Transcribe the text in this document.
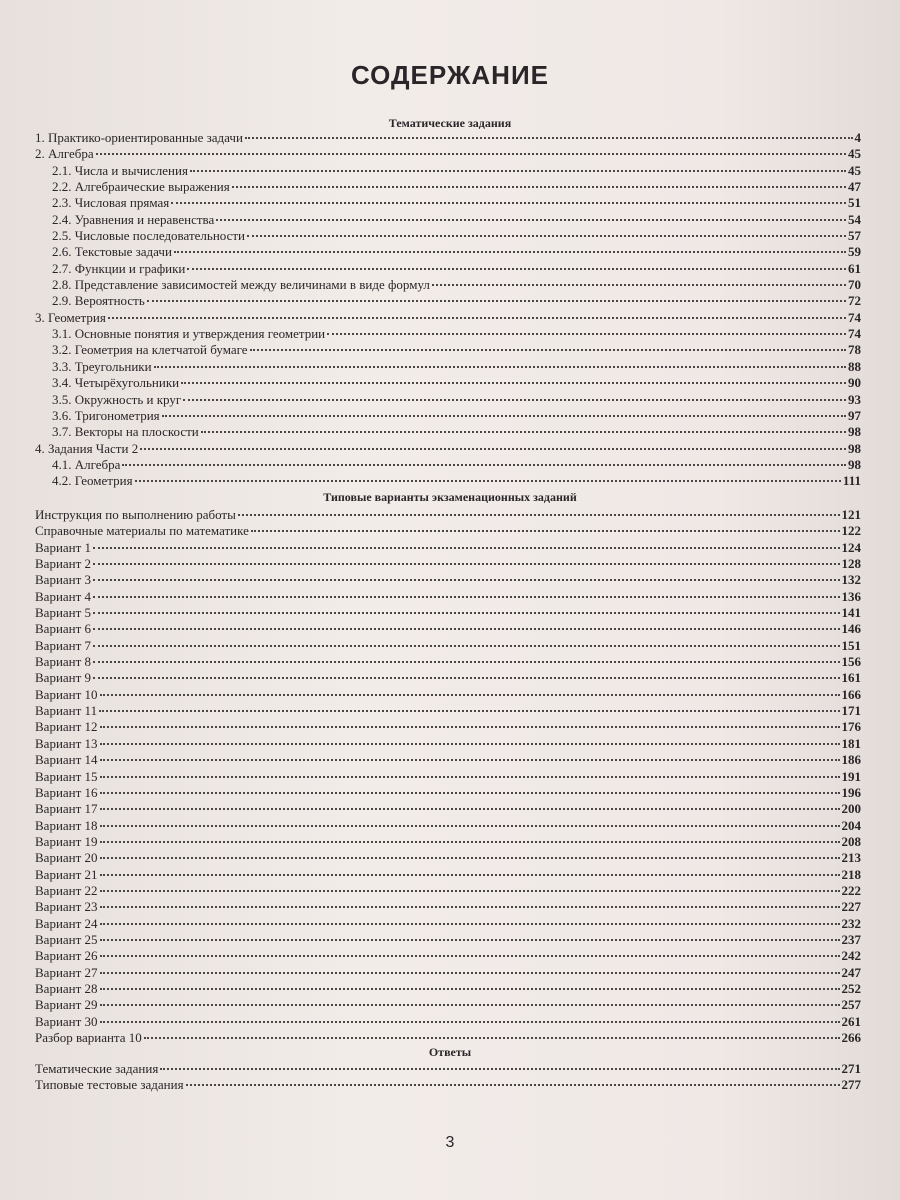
СОДЕРЖАНИЕ
Тематические задания
1. Практико-ориентированные задачи	4
2. Алгебра	45
2.1. Числа и вычисления	45
2.2. Алгебраические выражения	47
2.3. Числовая прямая	51
2.4. Уравнения и неравенства	54
2.5. Числовые последовательности	57
2.6. Текстовые задачи	59
2.7. Функции и графики	61
2.8. Представление зависимостей между величинами в виде формул	70
2.9. Вероятность	72
3. Геометрия	74
3.1. Основные понятия и утверждения геометрии	74
3.2. Геометрия на клетчатой бумаге	78
3.3. Треугольники	88
3.4. Четырёхугольники	90
3.5. Окружность и круг	93
3.6. Тригонометрия	97
3.7. Векторы на плоскости	98
4. Задания Части 2	98
4.1. Алгебра	98
4.2. Геометрия	111
Типовые варианты экзаменационных заданий
Инструкция по выполнению работы	121
Справочные материалы по математике	122
Вариант 1	124
Вариант 2	128
Вариант 3	132
Вариант 4	136
Вариант 5	141
Вариант 6	146
Вариант 7	151
Вариант 8	156
Вариант 9	161
Вариант 10	166
Вариант 11	171
Вариант 12	176
Вариант 13	181
Вариант 14	186
Вариант 15	191
Вариант 16	196
Вариант 17	200
Вариант 18	204
Вариант 19	208
Вариант 20	213
Вариант 21	218
Вариант 22	222
Вариант 23	227
Вариант 24	232
Вариант 25	237
Вариант 26	242
Вариант 27	247
Вариант 28	252
Вариант 29	257
Вариант 30	261
Разбор варианта 10	266
Ответы
Тематические задания	271
Типовые тестовые задания	277
3
